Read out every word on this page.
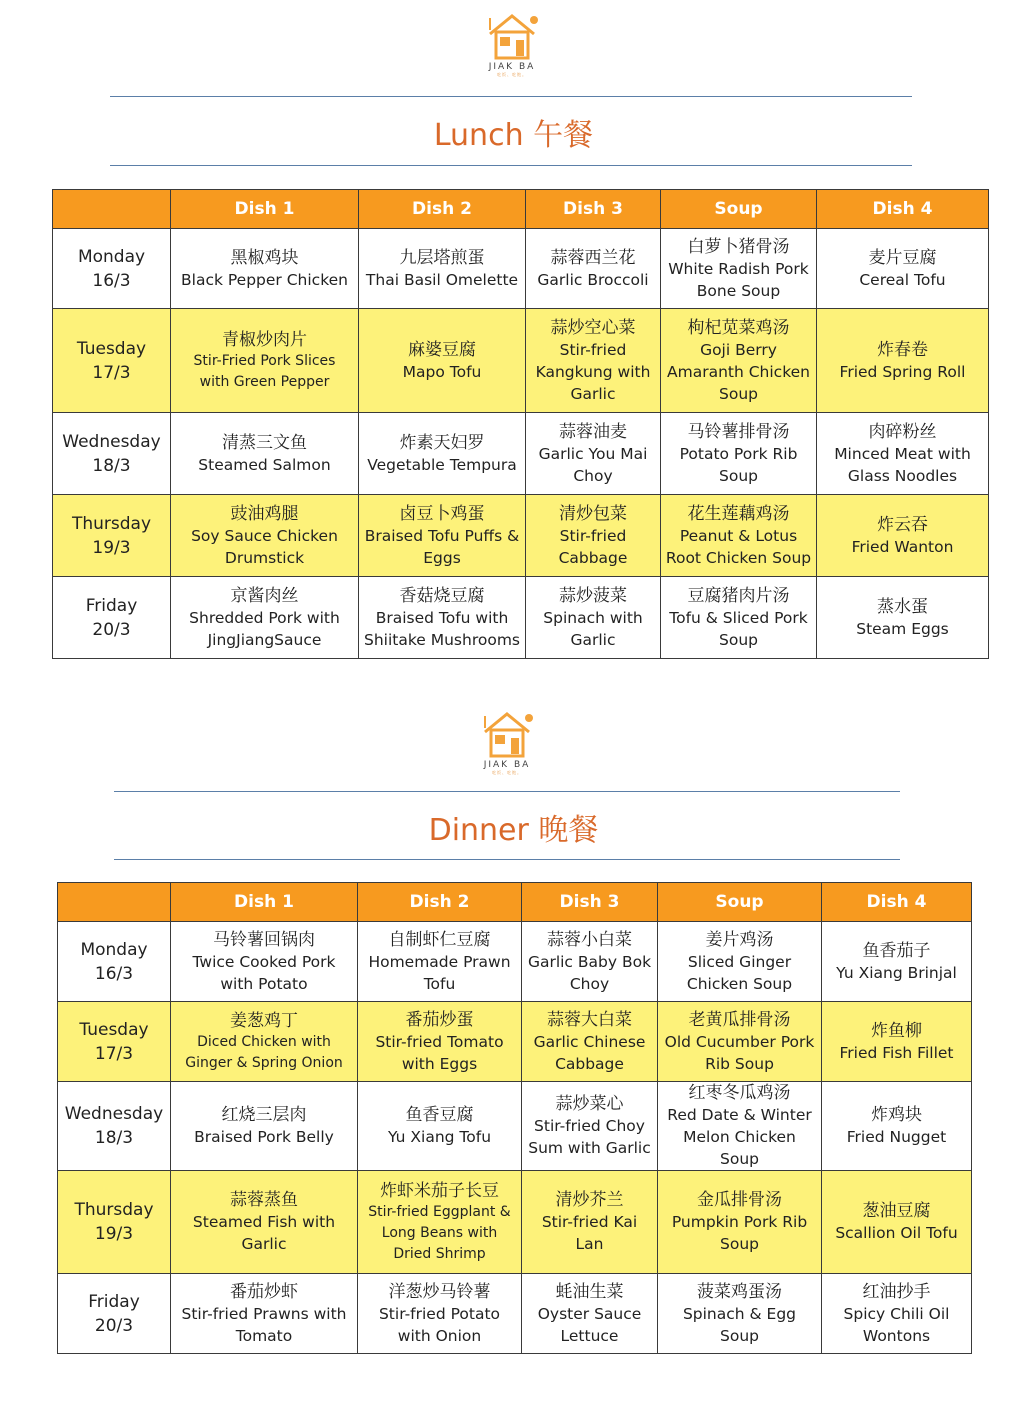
JIAK BA
吃饭、吃饱。
Lunch 午餐
	Dish 1	Dish 2	Dish 3	Soup	Dish 4

Monday
16/3	黑椒鸡块
Black Pepper Chicken	九层塔煎蛋
Thai Basil Omelette	蒜蓉西兰花
Garlic Broccoli	白萝卜猪骨汤
White Radish Pork
Bone Soup	麦片豆腐
Cereal Tofu

Tuesday
17/3	青椒炒肉片
Stir-Fried Pork Slices
with Green Pepper	麻婆豆腐
Mapo Tofu	蒜炒空心菜
Stir-fried
Kangkung with
Garlic	枸杞苋菜鸡汤
Goji Berry
Amaranth Chicken
Soup	炸春卷
Fried Spring Roll

Wednesday
18/3	清蒸三文鱼
Steamed Salmon	炸素天妇罗
Vegetable Tempura	蒜蓉油麦
Garlic You Mai
Choy	马铃薯排骨汤
Potato Pork Rib
Soup	肉碎粉丝
Minced Meat with
Glass Noodles

Thursday
19/3	豉油鸡腿
Soy Sauce Chicken
Drumstick	卤豆卜鸡蛋
Braised Tofu Puffs &
Eggs	清炒包菜
Stir-fried
Cabbage	花生莲藕鸡汤
Peanut & Lotus
Root Chicken Soup	炸云吞
Fried Wanton

Friday
20/3	京酱肉丝
Shredded Pork with
JingJiangSauce	香菇烧豆腐
Braised Tofu with
Shiitake Mushrooms	蒜炒菠菜
Spinach with
Garlic	豆腐猪肉片汤
Tofu & Sliced Pork
Soup	蒸水蛋
Steam Eggs
JIAK BA
吃饭、吃饱。
Dinner 晚餐
	Dish 1	Dish 2	Dish 3	Soup	Dish 4

Monday
16/3	马铃薯回锅肉
Twice Cooked Pork
with Potato	自制虾仁豆腐
Homemade Prawn
Tofu	蒜蓉小白菜
Garlic Baby Bok
Choy	姜片鸡汤
Sliced Ginger
Chicken Soup	鱼香茄子
Yu Xiang Brinjal

Tuesday
17/3	姜葱鸡丁
Diced Chicken with
Ginger & Spring Onion	番茄炒蛋
Stir-fried Tomato
with Eggs	蒜蓉大白菜
Garlic Chinese
Cabbage	老黄瓜排骨汤
Old Cucumber Pork
Rib Soup	炸鱼柳
Fried Fish Fillet

Wednesday
18/3	红烧三层肉
Braised Pork Belly	鱼香豆腐
Yu Xiang Tofu	蒜炒菜心
Stir-fried Choy
Sum with Garlic	红枣冬瓜鸡汤
Red Date & Winter
Melon Chicken Soup	炸鸡块
Fried Nugget

Thursday
19/3	蒜蓉蒸鱼
Steamed Fish with
Garlic	炸虾米茄子长豆
Stir-fried Eggplant &
Long Beans with
Dried Shrimp	清炒芥兰
Stir-fried Kai Lan	金瓜排骨汤
Pumpkin Pork Rib
Soup	葱油豆腐
Scallion Oil Tofu

Friday
20/3	番茄炒虾
Stir-fried Prawns with
Tomato	洋葱炒马铃薯
Stir-fried Potato
with Onion	蚝油生菜
Oyster Sauce
Lettuce	菠菜鸡蛋汤
Spinach & Egg Soup	红油抄手
Spicy Chili Oil
Wontons
